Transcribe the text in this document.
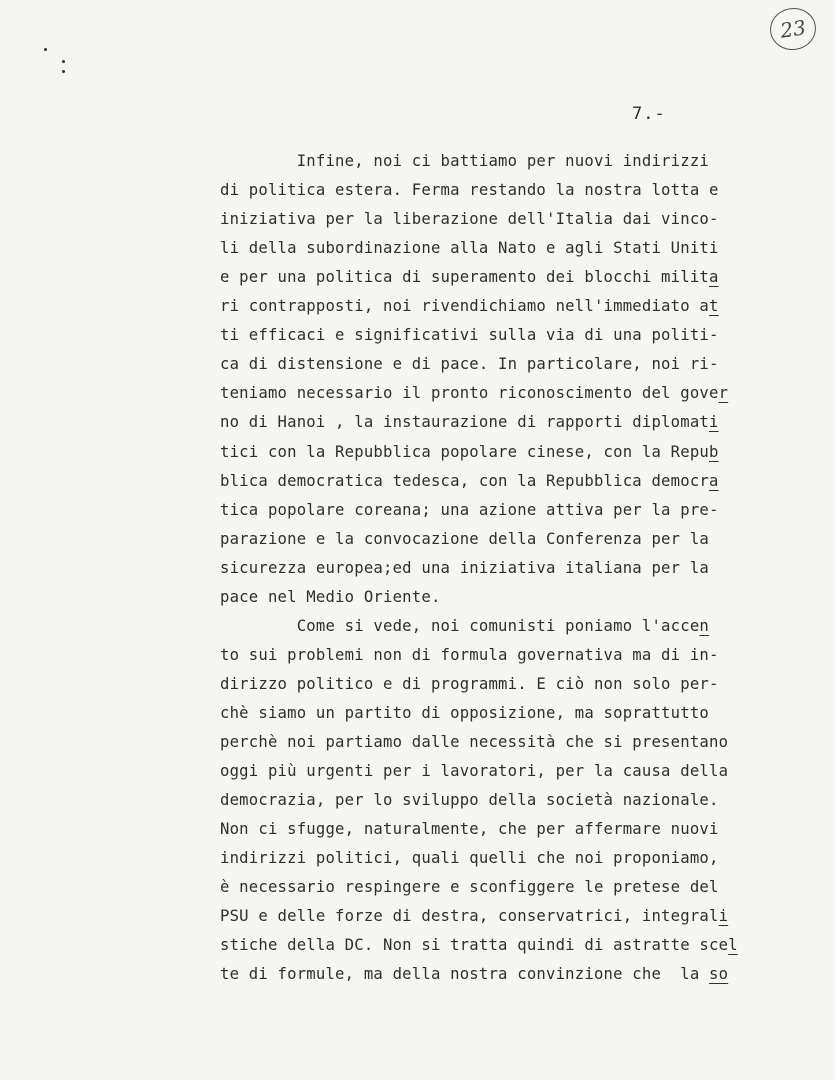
23
7.-
Infine, noi ci battiamo per nuovi indirizzi
di politica estera. Ferma restando la nostra lotta e
iniziativa per la liberazione dell'Italia dai vinco-
li della subordinazione alla Nato e agli Stati Uniti
e per una politica di superamento dei blocchi milita
ri contrapposti, noi rivendichiamo nell'immediato at
ti efficaci e significativi sulla via di una politi-
ca di distensione e di pace. In particolare, noi ri-
teniamo necessario il pronto riconoscimento del gover
no di Hanoi , la instaurazione di rapporti diplomati
tici con la Repubblica popolare cinese, con la Repub
blica democratica tedesca, con la Repubblica democra
tica popolare coreana; una azione attiva per la pre-
parazione e la convocazione della Conferenza per la
sicurezza europea;ed una iniziativa italiana per la
pace nel Medio Oriente.
Come si vede, noi comunisti poniamo l'accen
to sui problemi non di formula governativa ma di in-
dirizzo politico e di programmi. E ciò non solo per-
chè siamo un partito di opposizione, ma soprattutto
perchè noi partiamo dalle necessità che si presentano
oggi più urgenti per i lavoratori, per la causa della
democrazia, per lo sviluppo della società nazionale.
Non ci sfugge, naturalmente, che per affermare nuovi
indirizzi politici, quali quelli che noi proponiamo,
è necessario respingere e sconfiggere le pretese del
PSU e delle forze di destra, conservatrici, integrali
stiche della DC. Non si tratta quindi di astratte scel
te di formule, ma della nostra convinzione che  la so
